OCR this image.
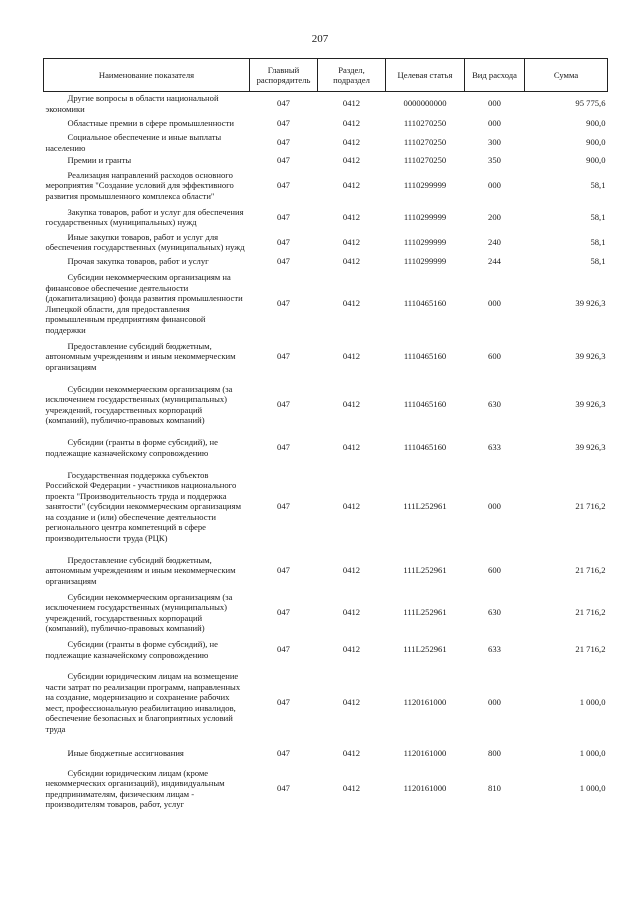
207
Наименование показателя	Главный распорядитель	Раздел, подраздел	Целевая статья	Вид расхода	Сумма
Другие вопросы в области национальной экономики	047	0412	0000000000	000	95 775,6
Областные премии в сфере промышленности	047	0412	1110270250	000	900,0
Социальное обеспечение и иные выплаты населению	047	0412	1110270250	300	900,0
Премии и гранты	047	0412	1110270250	350	900,0
Реализация направлений расходов основного мероприятия "Создание условий для эффективного развития промышленного комплекса области"	047	0412	1110299999	000	58,1
Закупка товаров, работ и услуг для обеспечения государственных (муниципальных) нужд	047	0412	1110299999	200	58,1
Иные закупки товаров, работ и услуг для обеспечения государственных (муниципальных) нужд	047	0412	1110299999	240	58,1
Прочая закупка товаров, работ и услуг	047	0412	1110299999	244	58,1
Субсидии некоммерческим организациям на финансовое обеспечение деятельности (докапитализацию) фонда развития промышленности Липецкой области, для предоставления промышленным предприятиям финансовой поддержки	047	0412	1110465160	000	39 926,3
Предоставление субсидий бюджетным, автономным учреждениям и иным некоммерческим организациям	047	0412	1110465160	600	39 926,3
Субсидии некоммерческим организациям (за исключением государственных (муниципальных) учреждений, государственных корпораций (компаний), публично-правовых компаний)	047	0412	1110465160	630	39 926,3
Субсидии (гранты в форме субсидий), не подлежащие казначейскому сопровождению	047	0412	1110465160	633	39 926,3
Государственная поддержка субъектов Российской Федерации - участников национального проекта "Производительность труда и поддержка занятости" (субсидии некоммерческим организациям на создание и (или) обеспечение деятельности регионального центра компетенций в сфере производительности труда (РЦК)	047	0412	111L252961	000	21 716,2
Предоставление субсидий бюджетным, автономным учреждениям и иным некоммерческим организациям	047	0412	111L252961	600	21 716,2
Субсидии некоммерческим организациям (за исключением государственных (муниципальных) учреждений, государственных корпораций (компаний), публично-правовых компаний)	047	0412	111L252961	630	21 716,2
Субсидии (гранты в форме субсидий), не подлежащие казначейскому сопровождению	047	0412	111L252961	633	21 716,2
Субсидии юридическим лицам на возмещение части затрат по реализации программ, направленных на создание, модернизацию и сохранение рабочих мест, профессиональную реабилитацию инвалидов, обеспечение безопасных и благоприятных условий труда	047	0412	1120161000	000	1 000,0
Иные бюджетные ассигнования	047	0412	1120161000	800	1 000,0
Субсидии юридическим лицам (кроме некоммерческих организаций), индивидуальным предпринимателям, физическим лицам - производителям товаров, работ, услуг	047	0412	1120161000	810	1 000,0
